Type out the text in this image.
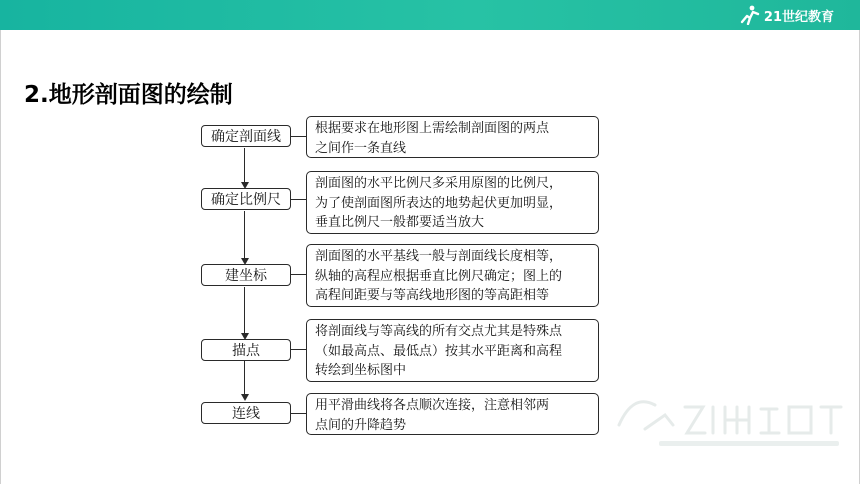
21世纪教育
2.地形剖面图的绘制
确定剖面线
根据要求在地形图上需绘制剖面图的两点
之间作一条直线
确定比例尺
剖面图的水平比例尺多采用原图的比例尺，
为了使剖面图所表达的地势起伏更加明显，
垂直比例尺一般都要适当放大
建坐标
剖面图的水平基线一般与剖面线长度相等，
纵轴的高程应根据垂直比例尺确定；图上的
高程间距要与等高线地形图的等高距相等
描点
将剖面线与等高线的所有交点尤其是特殊点
（如最高点、最低点）按其水平距离和高程
转绘到坐标图中
连线
用平滑曲线将各点顺次连接，注意相邻两
点间的升降趋势
